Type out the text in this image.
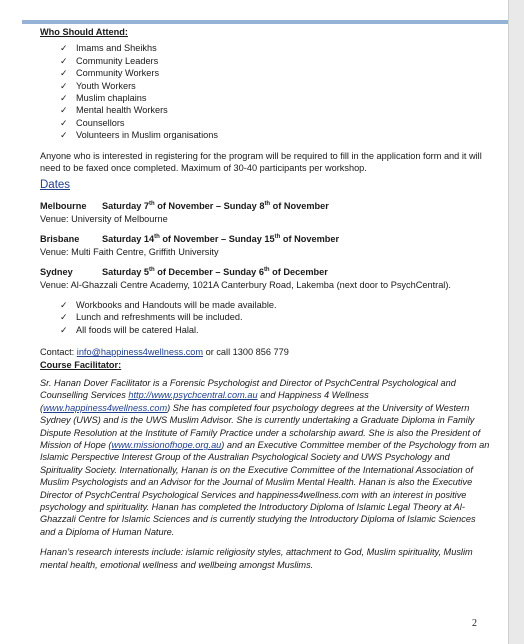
Who Should Attend:
✓ Imams and Sheikhs
✓ Community Leaders
✓ Community Workers
✓ Youth Workers
✓ Muslim chaplains
✓ Mental health Workers
✓ Counsellors
✓ Volunteers in Muslim organisations
Anyone who is interested in registering for the program will be required to fill in the application form and it will need to be faxed once completed. Maximum of 30-40 participants per workshop.
Dates
Melbourne Saturday 7th of November – Sunday 8th of November
Venue: University of Melbourne
Brisbane Saturday 14th of November – Sunday 15th of November
Venue: Multi Faith Centre, Griffith University
Sydney	Saturday 5th of December – Sunday 6th of December
Venue: Al-Ghazzali Centre Academy, 1021A Canterbury Road, Lakemba (next door to PsychCentral).
✓ Workbooks and Handouts will be made available.
✓ Lunch and refreshments will be included.
✓ All foods will be catered Halal.
Contact: info@happiness4wellness.com or call 1300 856 779
Course Facilitator:
Sr. Hanan Dover Facilitator is a Forensic Psychologist and Director of PsychCentral Psychological and Counselling Services http://www.psychcentral.com.au and Happiness 4 Wellness (www.happiness4wellness.com) She has completed four psychology degrees at the University of Western Sydney (UWS) and is the UWS Muslim Advisor. She is currently undertaking a Graduate Diploma in Family Dispute Resolution at the Institute of Family Practice under a scholarship award. She is also the President of Mission of Hope (www.missionofhope.org.au) and an Executive Committee member of the Psychology from an Islamic Perspective Interest Group of the Australian Psychological Society and UWS Psychology and Spirituality Society. Internationally, Hanan is on the Executive Committee of the International Association of Muslim Psychologists and an Advisor for the Journal of Muslim Mental Health. Hanan is also the Executive Director of PsychCentral Psychological Services and happiness4wellness.com with an interest in positive psychology and spirituality. Hanan has completed the Introductory Diploma of Islamic Legal Theory at Al-Ghazzali Centre for Islamic Sciences and is currently studying the Introductory Diploma of Islamic Sciences and a Diploma of Human Nature.
Hanan’s research interests include: islamic religiosity styles, attachment to God, Muslim spirituality, Muslim mental health, emotional wellness and wellbeing amongst Muslims.
2
